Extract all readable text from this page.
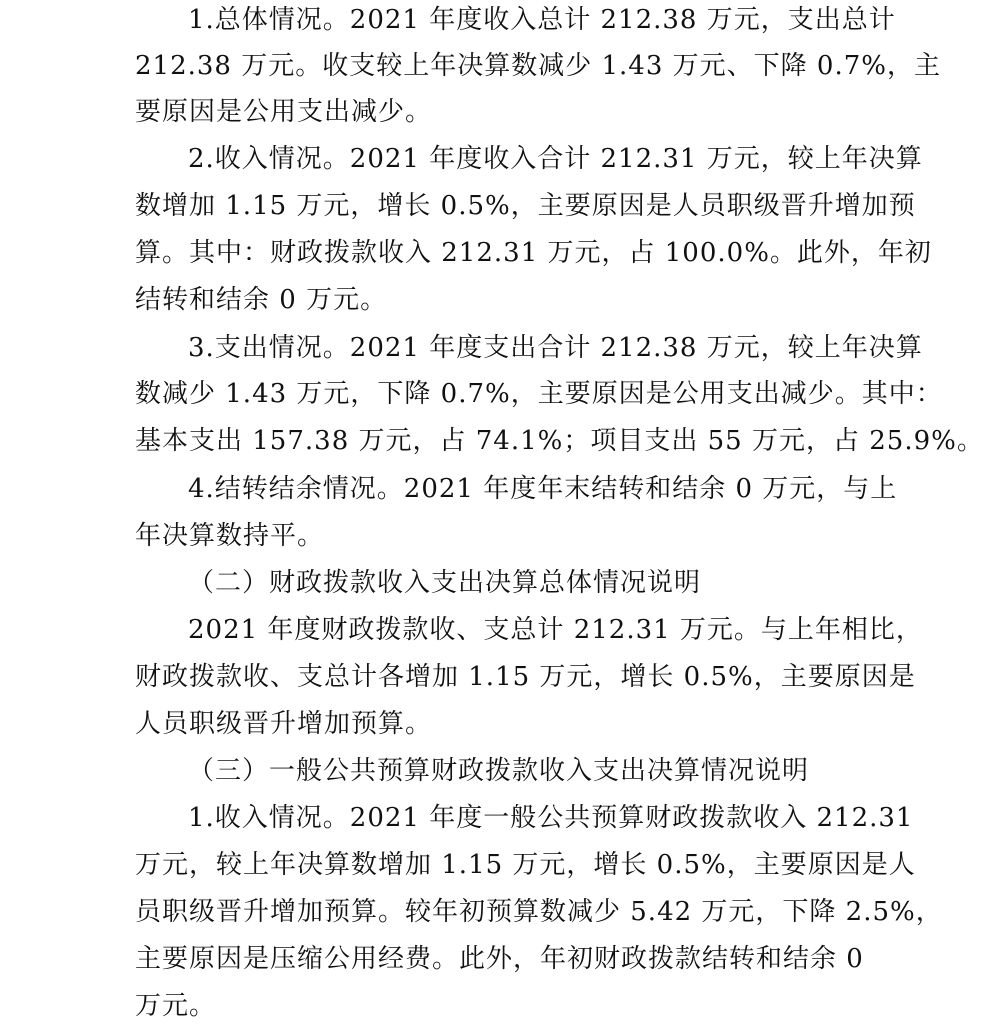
1.总体情况。2021 年度收入总计 212.38 万元，支出总计
212.38 万元。收支较上年决算数减少 1.43 万元、下降 0.7%，主
要原因是公用支出减少。
2.收入情况。2021 年度收入合计 212.31 万元，较上年决算
数增加 1.15 万元，增长 0.5%，主要原因是人员职级晋升增加预
算。其中：财政拨款收入 212.31 万元，占 100.0%。此外，年初
结转和结余 0 万元。
3.支出情况。2021 年度支出合计 212.38 万元，较上年决算
数减少 1.43 万元，下降 0.7%，主要原因是公用支出减少。其中：
基本支出 157.38 万元，占 74.1%；项目支出 55 万元，占 25.9%。
4.结转结余情况。2021 年度年末结转和结余 0 万元，与上
年决算数持平。
（二）财政拨款收入支出决算总体情况说明
2021 年度财政拨款收、支总计 212.31 万元。与上年相比，
财政拨款收、支总计各增加 1.15 万元，增长 0.5%，主要原因是
人员职级晋升增加预算。
（三）一般公共预算财政拨款收入支出决算情况说明
1.收入情况。2021 年度一般公共预算财政拨款收入 212.31
万元，较上年决算数增加 1.15 万元，增长 0.5%，主要原因是人
员职级晋升增加预算。较年初预算数减少 5.42 万元，下降 2.5%，
主要原因是压缩公用经费。此外，年初财政拨款结转和结余 0
万元。
